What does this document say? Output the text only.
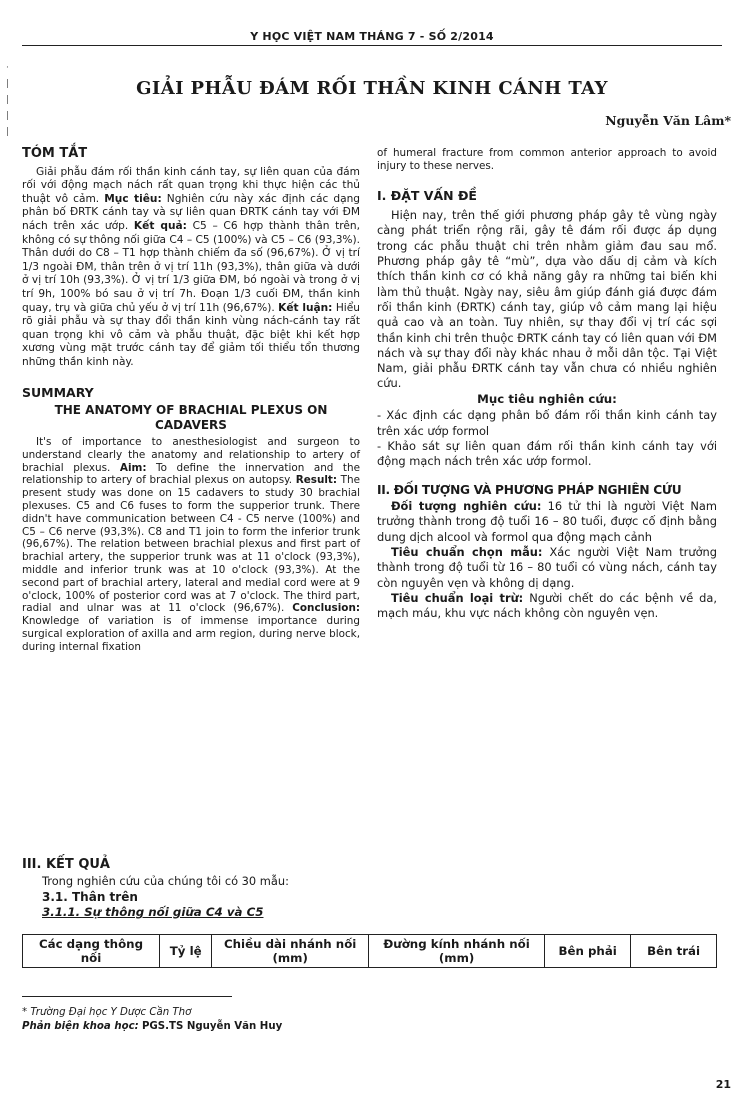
Y HỌC VIỆT NAM THÁNG 7 - SỐ 2/2014
·
|
|
|
|
GIẢI PHẪU ĐÁM RỐI THẦN KINH CÁNH TAY
Nguyễn Văn Lâm*
TÓM TẮT

Giải phẫu đám rối thần kinh cánh tay, sự liên quan của đám rối với động mạch nách rất quan trọng khi thực hiện các thủ thuật vô cảm. Mục tiêu: Nghiên cứu này xác định các dạng phân bố ĐRTK cánh tay và sự liên quan ĐRTK cánh tay với ĐM nách trên xác ướp. Kết quả: C5 – C6 hợp thành thân trên, không có sự thông nối giữa C4 – C5 (100%) và C5 – C6 (93,3%). Thân dưới do C8 – T1 hợp thành chiếm đa số (96,67%). Ở vị trí 1/3 ngoài ĐM, thân trên ở vị trí 11h (93,3%), thân giữa và dưới ở vị trí 10h (93,3%). Ở vị trí 1/3 giữa ĐM, bó ngoài và trong ở vị trí 9h, 100% bó sau ở vị trí 7h. Đoạn 1/3 cuối ĐM, thần kinh quay, trụ và giữa chủ yếu ở vị trí 11h (96,67%). Kết luận: Hiểu rõ giải phẫu và sự thay đổi thần kinh vùng nách-cánh tay rất quan trọng khi vô cảm và phẫu thuật, đặc biệt khi kết hợp xương vùng mặt trước cánh tay để giảm tối thiểu tổn thương những thần kinh này.

SUMMARY
THE ANATOMY OF BRACHIAL PLEXUS ON CADAVERS

It's of importance to anesthesiologist and surgeon to understand clearly the anatomy and relationship to artery of brachial plexus. Aim: To define the innervation and the relationship to artery of brachial plexus on autopsy. Result: The present study was done on 15 cadavers to study 30 brachial plexuses. C5 and C6 fuses to form the supperior trunk. There didn't have communication between C4 - C5 nerve (100%) and C5 – C6 nerve (93,3%). C8 and T1 join to form the inferior trunk (96,67%). The relation between brachial plexus and first part of brachial artery, the supperior trunk was at 11 o'clock (93,3%), middle and inferior trunk was at 10 o'clock (93,3%). At the second part of brachial artery, lateral and medial cord were at 9 o'clock, 100% of posterior cord was at 7 o'clock. The third part, radial and ulnar was at 11 o'clock (96,67%). Conclusion: Knowledge of variation is of immense importance during surgical exploration of axilla and arm region, during nerve block, during internal fixation

of humeral fracture from common anterior approach to avoid injury to these nerves.

I. ĐẶT VẤN ĐỀ

Hiện nay, trên thế giới phương pháp gây tê vùng ngày càng phát triển rộng rãi, gây tê đám rối được áp dụng trong các phẫu thuật chi trên nhằm giảm đau sau mổ. Phương pháp gây tê “mù”, dựa vào dấu dị cảm và kích thích thần kinh cơ có khả năng gây ra những tai biến khi làm thủ thuật. Ngày nay, siêu âm giúp đánh giá được đám rối thần kinh (ĐRTK) cánh tay, giúp vô cảm mang lại hiệu quả cao và an toàn. Tuy nhiên, sự thay đổi vị trí các sợi thần kinh chi trên thuộc ĐRTK cánh tay có liên quan với ĐM nách và sự thay đổi này khác nhau ở mỗi dân tộc. Tại Việt Nam, giải phẫu ĐRTK cánh tay vẫn chưa có nhiều nghiên cứu.

Mục tiêu nghiên cứu:

- Xác định các dạng phân bố đám rối thần kinh cánh tay trên xác ướp formol

- Khảo sát sự liên quan đám rối thần kinh cánh tay với động mạch nách trên xác ướp formol.

II. ĐỐI TƯỢNG VÀ PHƯƠNG PHÁP NGHIÊN CỨU

Đối tượng nghiên cứu: 16 tử thi là người Việt Nam trưởng thành trong độ tuổi 16 – 80 tuổi, được cố định bằng dung dịch alcool và formol qua động mạch cảnh

Tiêu chuẩn chọn mẫu: Xác người Việt Nam trưởng thành trong độ tuổi từ 16 – 80 tuổi có vùng nách, cánh tay còn nguyên vẹn và không dị dạng.

Tiêu chuẩn loại trừ: Người chết do các bệnh về da, mạch máu, khu vực nách không còn nguyên vẹn.

III. KẾT QUẢ
Trong nghiên cứu của chúng tôi có 30 mẫu:
3.1. Thân trên
3.1.1. Sự thông nối giữa C4 và C5
Các dạng thông nối	Tỷ lệ	Chiều dài nhánh nối (mm)	Đường kính nhánh nối (mm)	Bên phải	Bên trái
* Trường Đại học Y Dược Cần Thơ
Phản biện khoa học: PGS.TS Nguyễn Văn Huy
21
